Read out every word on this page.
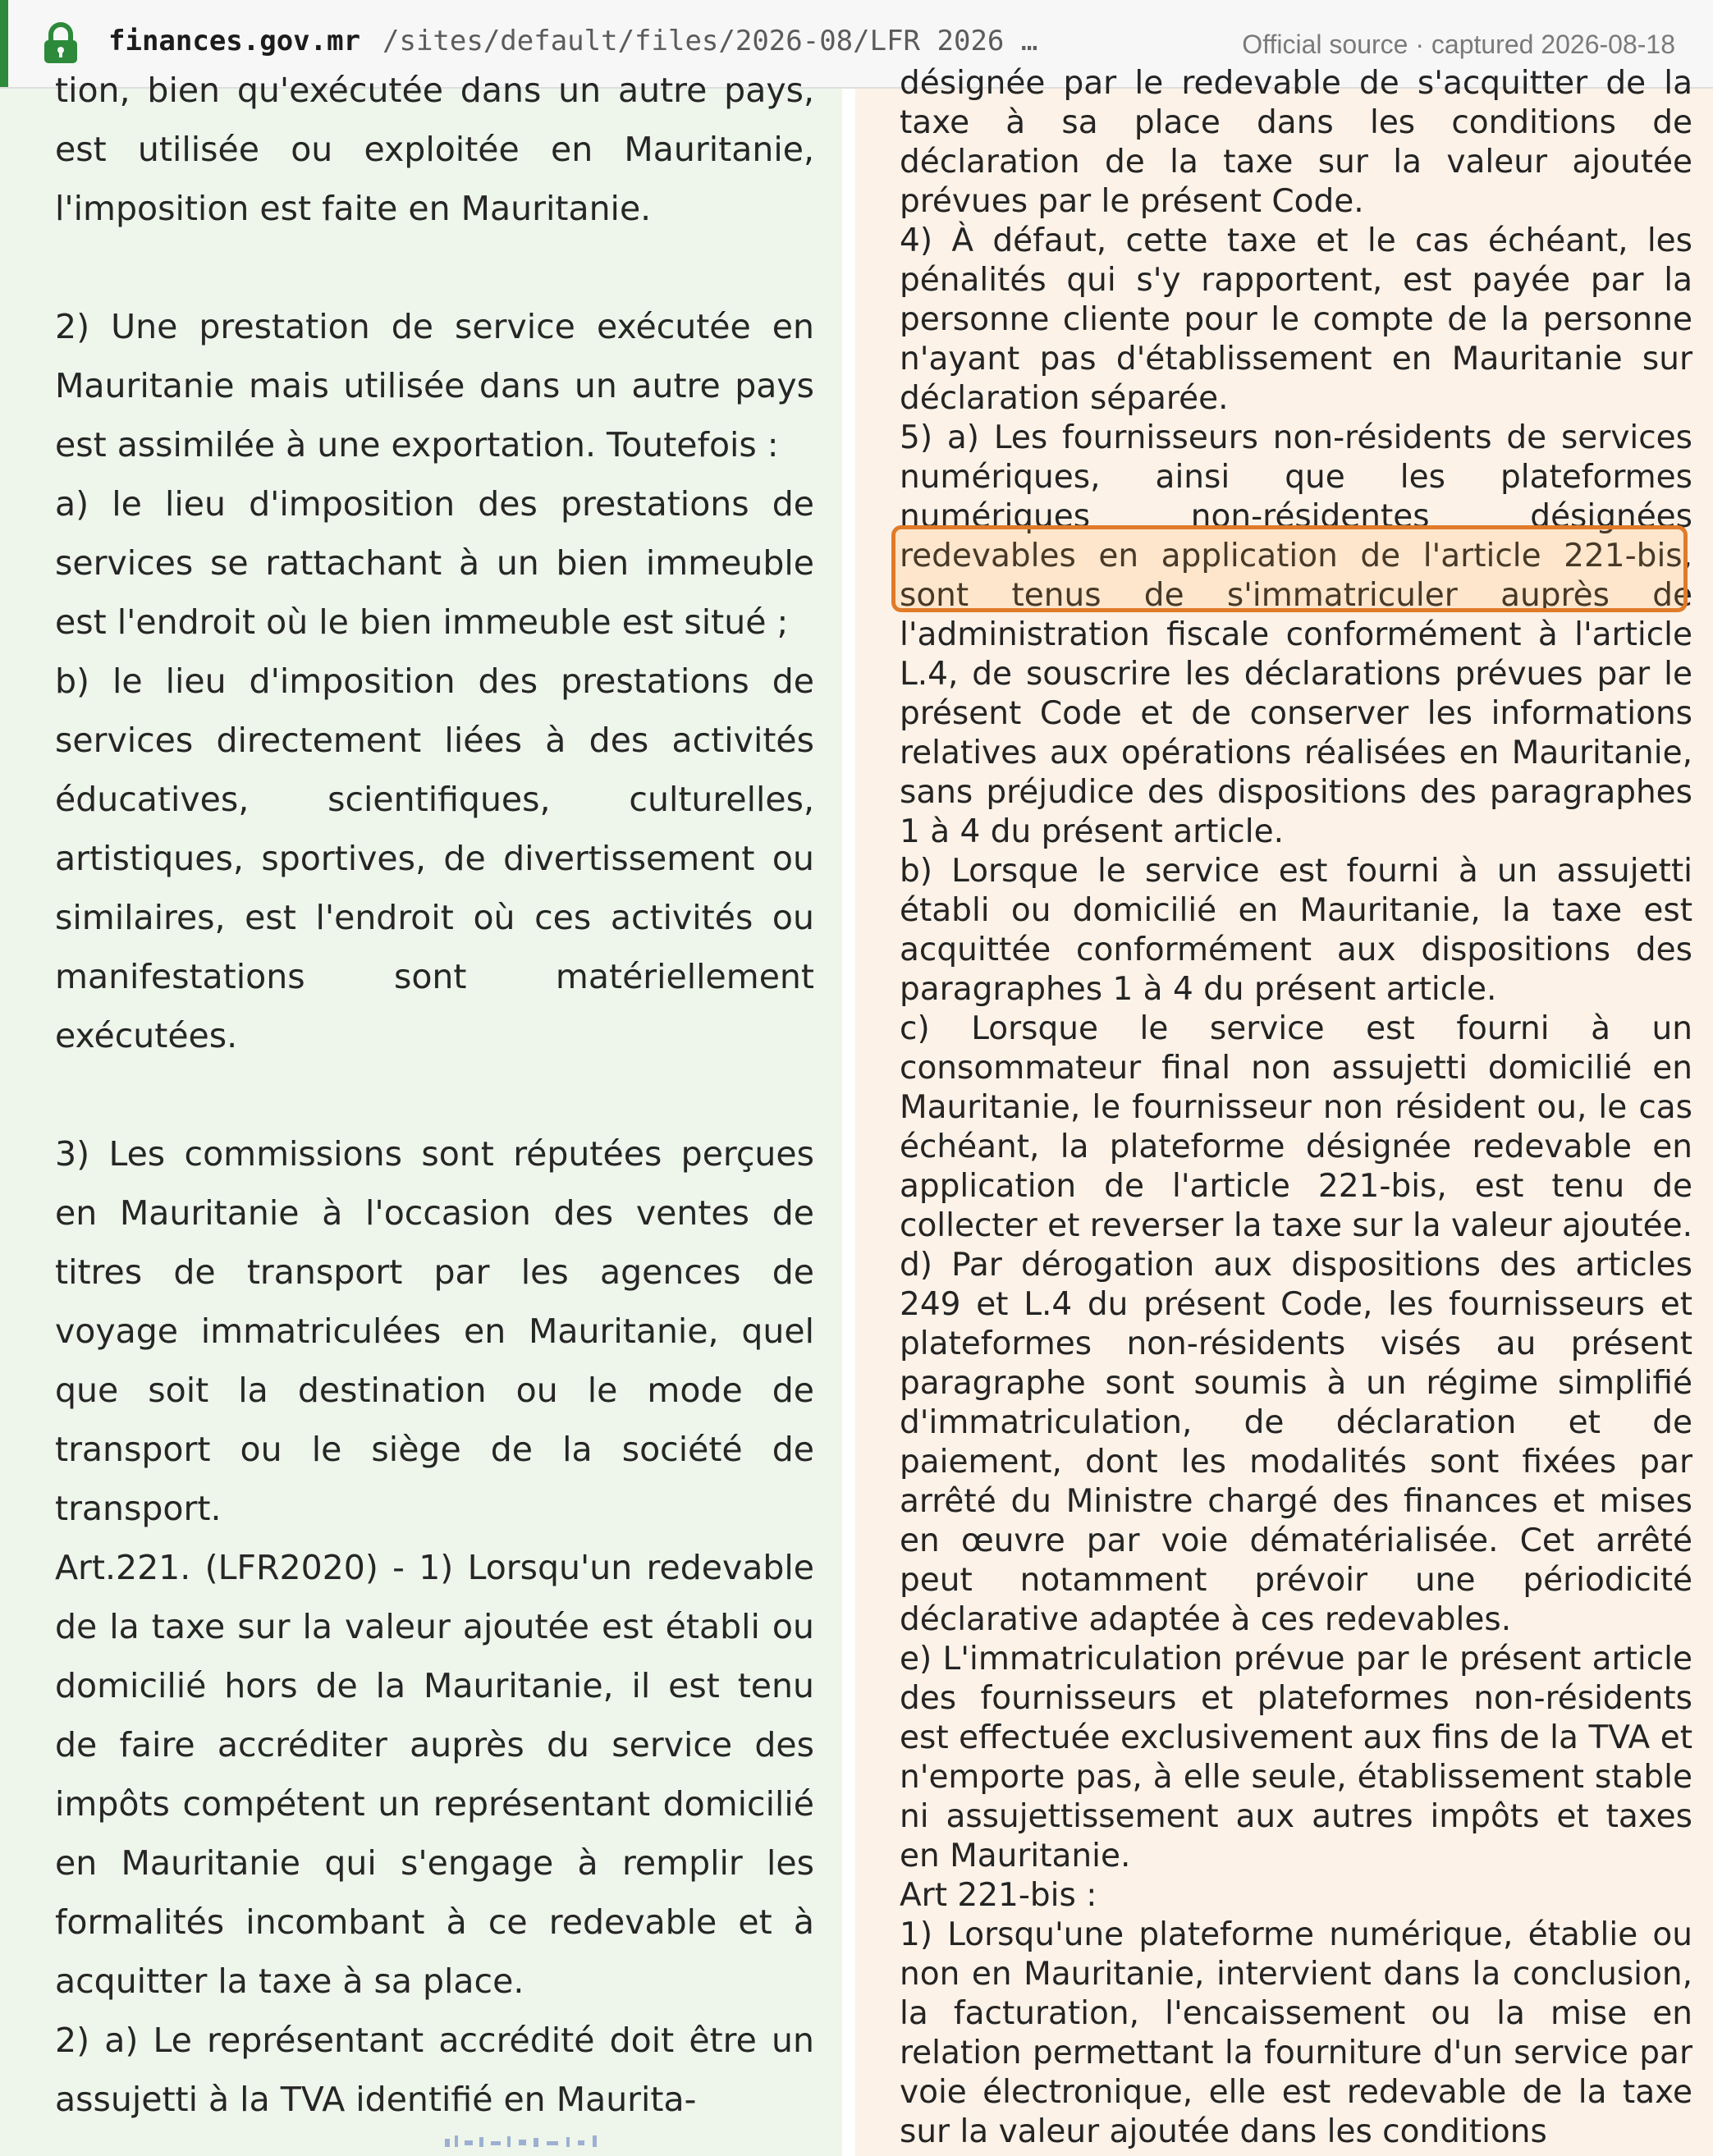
finances.gov.mr /sites/default/files/2026-08/LFR 2026 …	Official source · captured 2026-08-18

tion, bien qu'exécutée dans un autre pays, est utilisée ou exploitée en Mauritanie, l'imposition est faite en Mauritanie.

2) Une prestation de service exécutée en Mauritanie mais utilisée dans un autre pays est assimilée à une exportation. Toutefois :

a) le lieu d'imposition des prestations de services se rattachant à un bien immeuble est l'endroit où le bien immeuble est situé ;

b) le lieu d'imposition des prestations de services directement liées à des activités éducatives, scientifiques, culturelles, artistiques, sportives, de divertissement ou similaires, est l'endroit où ces activités ou manifestations sont matériellement exécutées.

3) Les commissions sont réputées perçues en Mauritanie à l'occasion des ventes de titres de transport par les agences de voyage immatriculées en Mauritanie, quel que soit la destination ou le mode de transport ou le siège de la société de transport.

Art.221. (LFR2020) - 1) Lorsqu'un redevable de la taxe sur la valeur ajoutée est établi ou domicilié hors de la Mauritanie, il est tenu de faire accréditer auprès du service des impôts compétent un représentant domicilié en Mauritanie qui s'engage à remplir les formalités incombant à ce redevable et à acquitter la taxe à sa place.

2) a) Le représentant accrédité doit être un assujetti à la TVA identifié en Maurita-

désignée par le redevable de s'acquitter de la taxe à sa place dans les conditions de déclaration de la taxe sur la valeur ajoutée prévues par le présent Code.

4) À défaut, cette taxe et le cas échéant, les pénalités qui s'y rapportent, est payée par la personne cliente pour le compte de la personne n'ayant pas d'établissement en Mauritanie sur déclaration séparée.

5) a) Les fournisseurs non-résidents de services numériques, ainsi que les plateformes numériques non-résidentes désignées redevables en application de l'article 221-bis, sont tenus de s'immatriculer auprès de l'administration fiscale conformément à l'article L.4, de souscrire les déclarations prévues par le présent Code et de conserver les informations relatives aux opérations réalisées en Mauritanie, sans préjudice des dispositions des paragraphes 1 à 4 du présent article.

b) Lorsque le service est fourni à un assujetti établi ou domicilié en Mauritanie, la taxe est acquittée conformément aux dispositions des paragraphes 1 à 4 du présent article.

c) Lorsque le service est fourni à un consommateur final non assujetti domicilié en Mauritanie, le fournisseur non résident ou, le cas échéant, la plateforme désignée redevable en application de l'article 221-bis, est tenu de collecter et reverser la taxe sur la valeur ajoutée.

d) Par dérogation aux dispositions des articles 249 et L.4 du présent Code, les fournisseurs et plateformes non-résidents visés au présent paragraphe sont soumis à un régime simplifié d'immatriculation, de déclaration et de paiement, dont les modalités sont fixées par arrêté du Ministre chargé des finances et mises en œuvre par voie dématérialisée. Cet arrêté peut notamment prévoir une périodicité déclarative adaptée à ces redevables.

e) L'immatriculation prévue par le présent article des fournisseurs et plateformes non-résidents est effectuée exclusivement aux fins de la TVA et n'emporte pas, à elle seule, établissement stable ni assujettissement aux autres impôts et taxes en Mauritanie.

Art 221-bis :

1) Lorsqu'une plateforme numérique, établie ou non en Mauritanie, intervient dans la conclusion, la facturation, l'encaissement ou la mise en relation permettant la fourniture d'un service par voie électronique, elle est redevable de la taxe sur la valeur ajoutée dans les conditions
